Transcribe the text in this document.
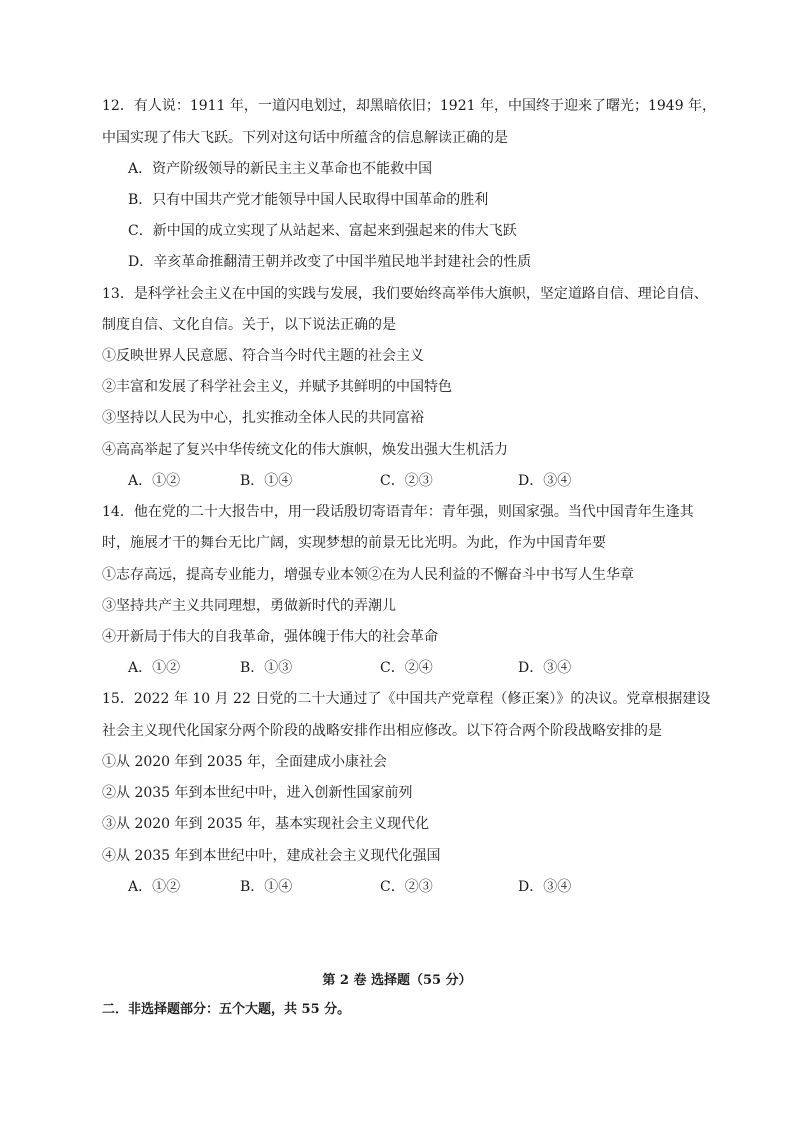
12．有人说：1911 年，一道闪电划过，却黑暗依旧；1921 年，中国终于迎来了曙光；1949 年，
中国实现了伟大飞跃。下列对这句话中所蕴含的信息解读正确的是
A．资产阶级领导的新民主主义革命也不能救中国
B．只有中国共产党才能领导中国人民取得中国革命的胜利
C．新中国的成立实现了从站起来、富起来到强起来的伟大飞跃
D．辛亥革命推翻清王朝并改变了中国半殖民地半封建社会的性质
13．是科学社会主义在中国的实践与发展，我们要始终高举伟大旗帜，坚定道路自信、理论自信、
制度自信、文化自信。关于，以下说法正确的是
①反映世界人民意愿、符合当今时代主题的社会主义
②丰富和发展了科学社会主义，并赋予其鲜明的中国特色
③坚持以人民为中心，扎实推动全体人民的共同富裕
④高高举起了复兴中华传统文化的伟大旗帜，焕发出强大生机活力
A．①②	B．①④	C．②③	D．③④
14．他在党的二十大报告中，用一段话殷切寄语青年：青年强，则国家强。当代中国青年生逢其
时，施展才干的舞台无比广阔，实现梦想的前景无比光明。为此，作为中国青年要
①志存高远，提高专业能力，增强专业本领②在为人民利益的不懈奋斗中书写人生华章
③坚持共产主义共同理想，勇做新时代的弄潮儿
④开新局于伟大的自我革命，强体魄于伟大的社会革命
A．①②	B．①③	C．②④	D．③④
15．2022 年 10 月 22 日党的二十大通过了《中国共产党章程（修正案）》的决议。党章根据建设
社会主义现代化国家分两个阶段的战略安排作出相应修改。以下符合两个阶段战略安排的是
①从 2020 年到 2035 年，全面建成小康社会
②从 2035 年到本世纪中叶，进入创新性国家前列
③从 2020 年到 2035 年，基本实现社会主义现代化
④从 2035 年到本世纪中叶，建成社会主义现代化强国
A．①②	B．①④	C．②③	D．③④
第 2 卷 选择题（55 分）
二．非选择题部分：五个大题，共 55 分。
